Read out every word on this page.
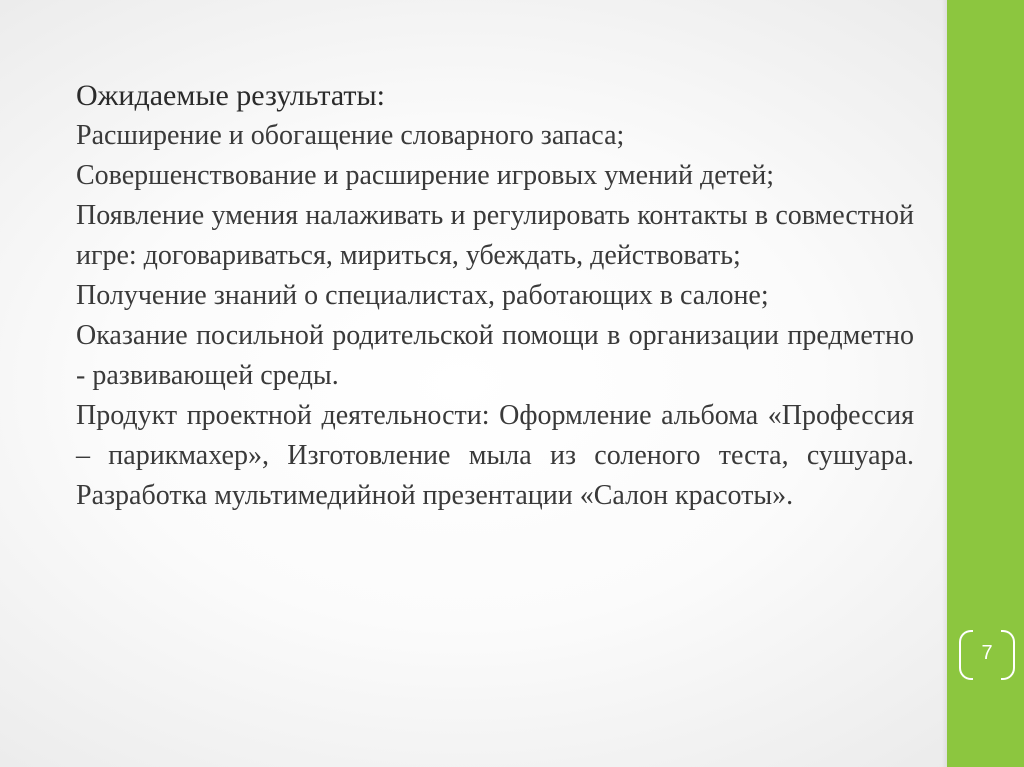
Ожидаемые результаты:

Расширение и обогащение словарного запаса;

Совершенствование и расширение игровых умений детей;

Появление умения налаживать и регулировать контакты в совместной игре: договариваться, мириться, убеждать, действовать;

Получение знаний о специалистах, работающих в салоне;

Оказание посильной родительской помощи в организации предметно - развивающей среды.

Продукт проектной деятельности: Оформление альбома «Профессия – парикмахер», Изготовление мыла из соленого теста, сушуара. Разработка мультимедийной презентации «Салон красоты».

7
